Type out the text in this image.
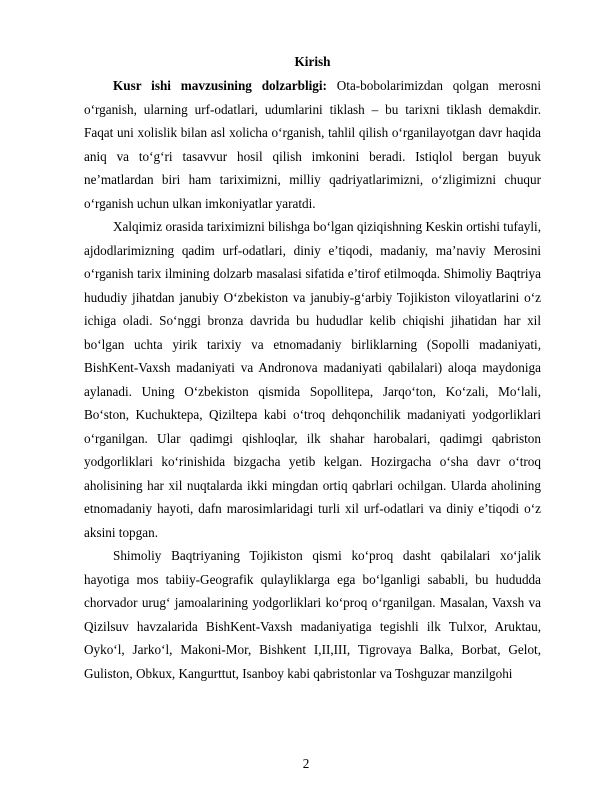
Kirish

Kusr ishi mavzusining dolzarbligi: Ota-bobolarimizdan qolgan merosni o‘rganish, ularning urf-odatlari, udumlarini tiklash – bu tarixni tiklash demakdir. Faqat uni xolislik bilan asl xolicha o‘rganish, tahlil qilish o‘rganilayotgan davr haqida aniq va to‘g‘ri tasavvur hosil qilish imkonini beradi. Istiqlol bergan buyuk ne’matlardan biri ham tariximizni, milliy qadriyatlarimizni, o‘zligimizni chuqur o‘rganish uchun ulkan imkoniyatlar yaratdi.

Xalqimiz orasida tariximizni bilishga bo‘lgan qiziqishning Keskin ortishi tufayli, ajdodlarimizning qadim urf-odatlari, diniy e’tiqodi, madaniy, ma’naviy Merosini o‘rganish tarix ilmining dolzarb masalasi sifatida e’tirof etilmoqda. Shimoliy Baqtriya hududiy jihatdan janubiy O‘zbekiston va janubiy-g‘arbiy Tojikiston viloyatlarini o‘z ichiga oladi. So‘nggi bronza davrida bu hududlar kelib chiqishi jihatidan har xil bo‘lgan uchta yirik tarixiy va etnomadaniy birliklarning (Sopolli madaniyati, BishKent-Vaxsh madaniyati va Andronova madaniyati qabilalari) aloqa maydoniga aylanadi. Uning O‘zbekiston qismida Sopollitepa, Jarqo‘ton, Ko‘zali, Mo‘lali, Bo‘ston, Kuchuktepa, Qiziltepa kabi o‘troq dehqonchilik madaniyati yodgorliklari o‘rganilgan. Ular qadimgi qishloqlar, ilk shahar harobalari, qadimgi qabriston yodgorliklari ko‘rinishida bizgacha yetib kelgan. Hozirgacha o‘sha davr o‘troq aholisining har xil nuqtalarda ikki mingdan ortiq qabrlari ochilgan. Ularda aholining etnomadaniy hayoti, dafn marosimlaridagi turli xil urf-odatlari va diniy e’tiqodi o‘z aksini topgan.

Shimoliy Baqtriyaning Tojikiston qismi ko‘proq dasht qabilalari xo‘jalik hayotiga mos tabiiy-Geografik qulayliklarga ega bo‘lganligi sababli, bu hududda chorvador urug‘ jamoalarining yodgorliklari ko‘proq o‘rganilgan. Masalan, Vaxsh va Qizilsuv havzalarida BishKent-Vaxsh madaniyatiga tegishli ilk Tulxor, Aruktau, Oyko‘l, Jarko‘l, Makoni-Mor, Bishkent I,II,III, Tigrovaya Balka, Borbat, Gelot, Guliston, Obkux, Kangurttut, Isanboy kabi qabristonlar va Toshguzar manzilgohi

2
